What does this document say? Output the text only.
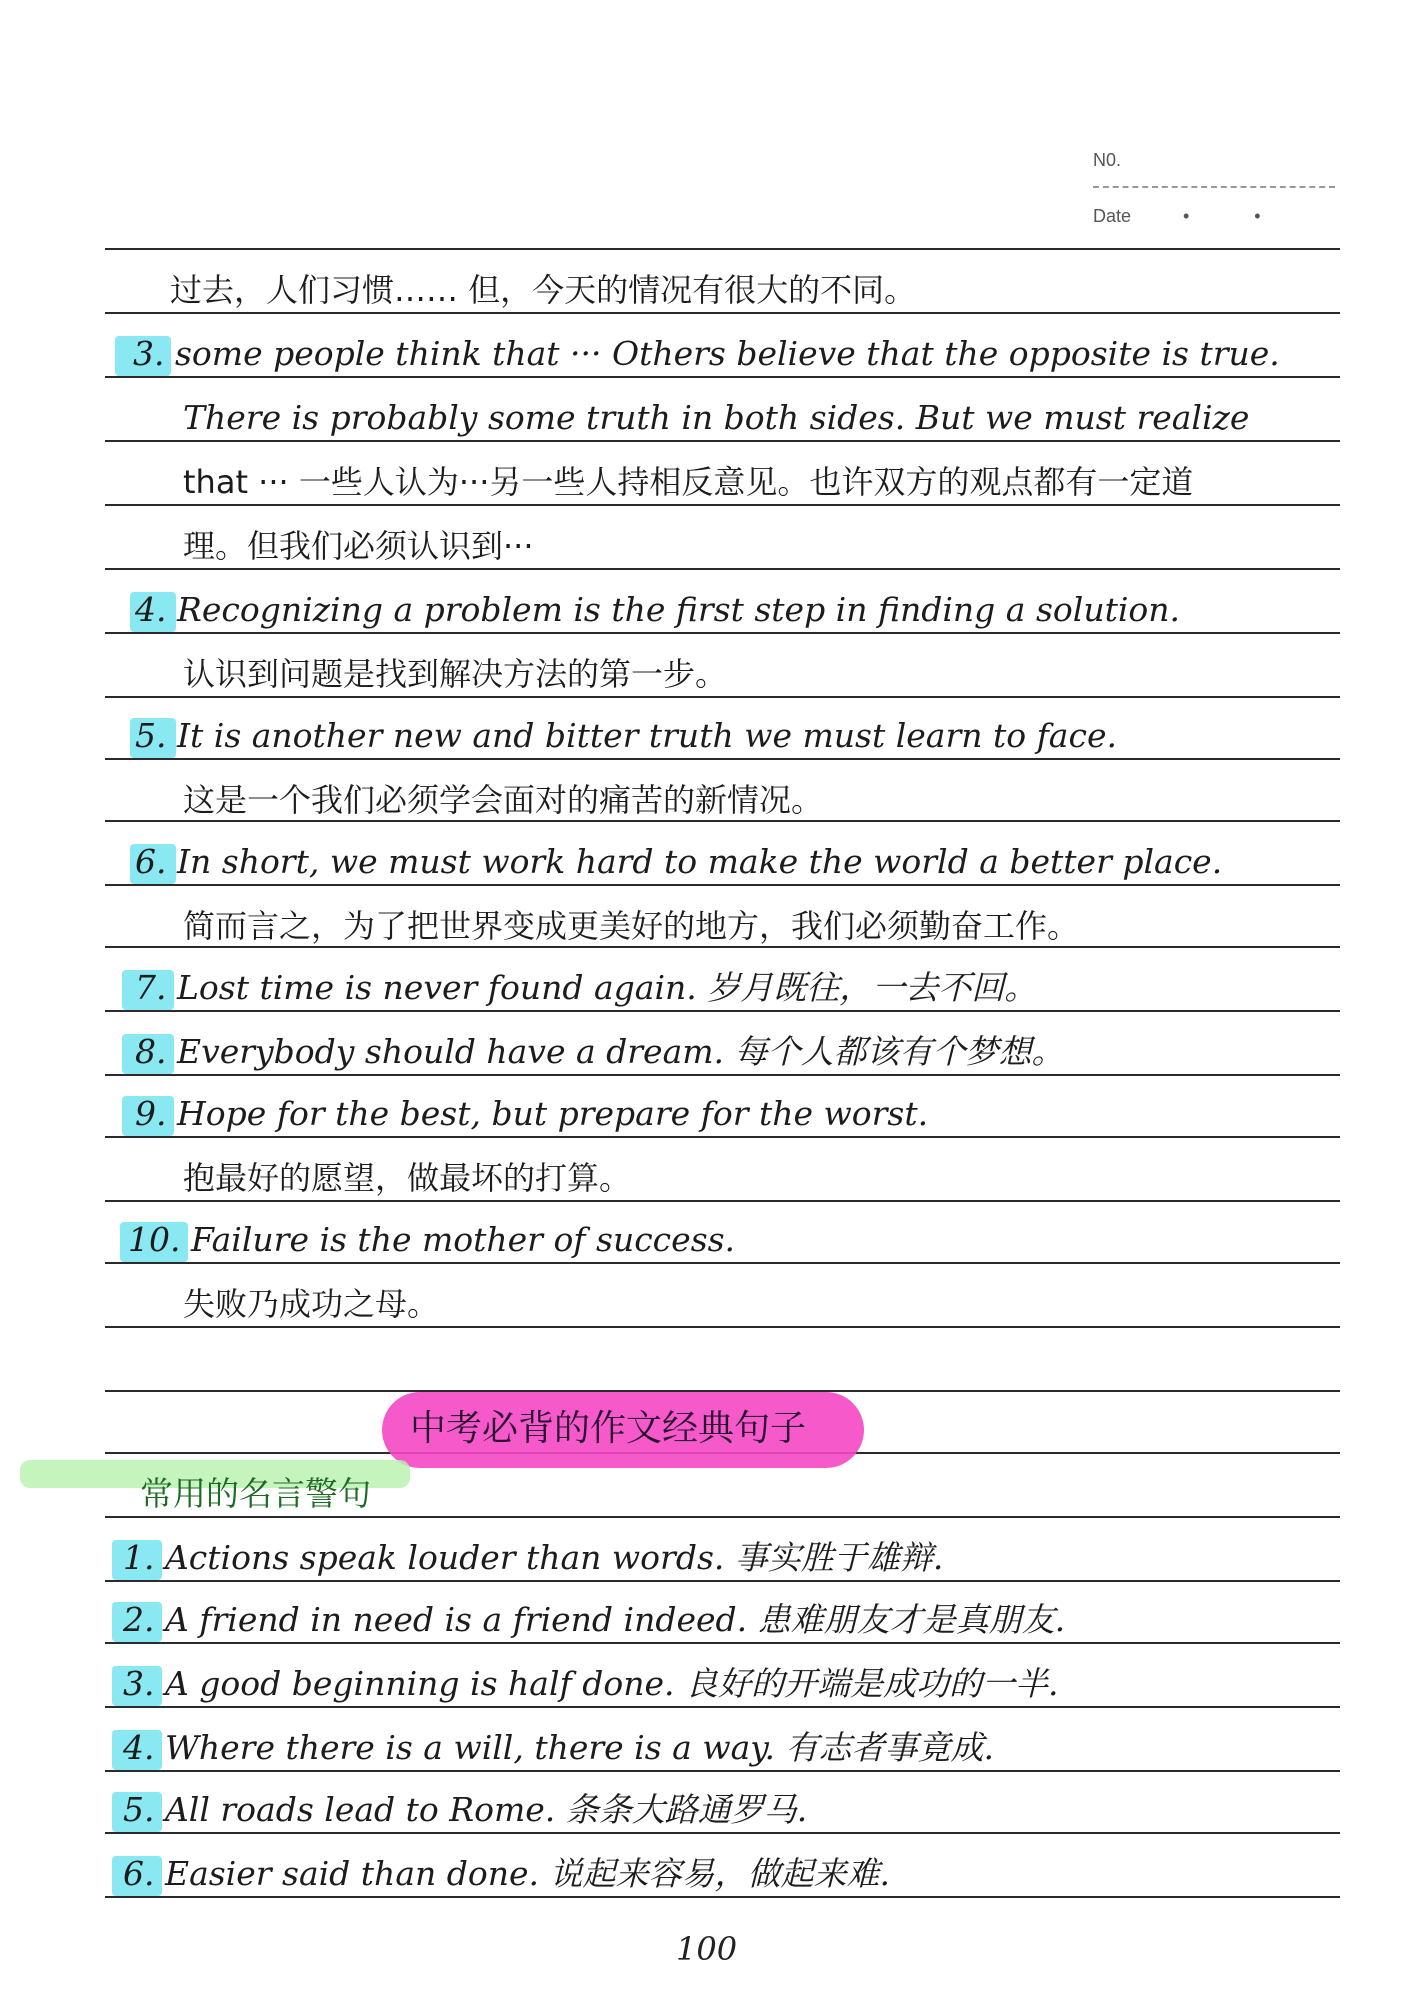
N0.
Date	• •
过去，人们习惯…… 但，今天的情况有很大的不同。
3. some people think that ··· Others believe that the opposite is true.
There is probably some truth in both sides. But we must realize
that ··· 一些人认为···另一些人持相反意见。也许双方的观点都有一定道
理。但我们必须认识到···
4. Recognizing a problem is the first step in finding a solution.
认识到问题是找到解决方法的第一步。
5. It is another new and bitter truth we must learn to face.
这是一个我们必须学会面对的痛苦的新情况。
6. In short, we must work hard to make the world a better place.
简而言之，为了把世界变成更美好的地方，我们必须勤奋工作。
7. Lost time is never found again. 岁月既往，一去不回。
8. Everybody should have a dream. 每个人都该有个梦想。
9. Hope for the best, but prepare for the worst.
抱最好的愿望，做最坏的打算。
10. Failure is the mother of success.
失败乃成功之母。
中考必背的作文经典句子
常用的名言警句
1. Actions speak louder than words. 事实胜于雄辩.
2. A friend in need is a friend indeed. 患难朋友才是真朋友.
3. A good beginning is half done. 良好的开端是成功的一半.
4. Where there is a will, there is a way. 有志者事竟成.
5. All roads lead to Rome. 条条大路通罗马.
6. Easier said than done. 说起来容易，做起来难.
100
